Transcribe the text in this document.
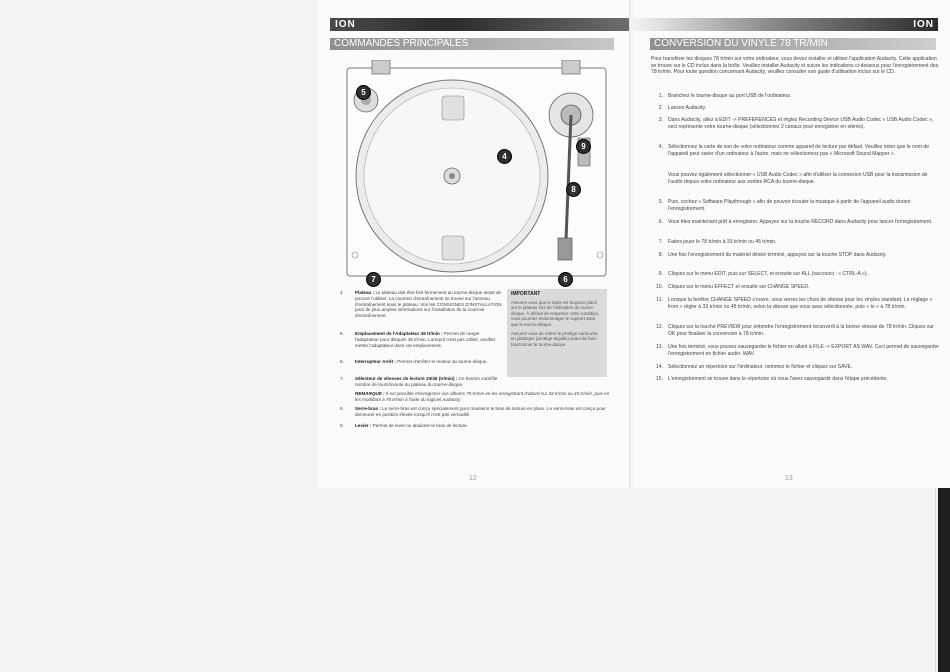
ION
COMMANDES PRINCIPALES
5
4
9
8
7	6
4. Plateau : Le plateau doit être fixé fermement au tourne-disque avant de pouvoir l'utiliser. La courroie d'entraînement se trouve sur l'anneau d'entraînement sous le plateau. Voir les CONSIGNES D'INSTALLATION pour de plus amples informations sur l'installation de la courroie d'entraînement.
5. Emplacement de l'Adaptateur 45 tr/min : Permet de ranger l'adaptateur pour disques 45 tr/min. Lorsqu'il n'est pas utilisé, veuillez mettre l'adaptateur dans cet emplacement.
6. Interrupteur Arrêt : Permet d'arrêter le moteur du tourne-disque.
7. Sélecteur de vitesses de lecture 33/45 (tr/min) : Ce bouton contrôle nombre de tours/minute du plateau du tourne-disque.
REMARQUE : Il est possible d'enregistrer vos albums 78 tr/min en les enregistrant d'abord sur 33 tr/min ou 45 tr/min, puis en les modifiant à 78 tr/min à l'aide du logiciel Audacity.
8. Serre-bras : Le serre-bras est conçu spécialement pour maintenir le bras de lecture en place. Le serre-bras est conçu pour demeurer en position élevée lorsqu'il n'est pas verrouillé.
9. Levier : Permet de lever ou abaisser le bras de lecture.
IMPORTANT
Assurez-vous que le tapis est toujours placé sur le plateau lors de l'utilisation du tourne-disque. À défaut de respecter cette condition, vous pourriez endommager le support ainsi que le tourne-disque.
Assurez-vous de retirer le protège-cartouche en plastique (protège-aiguille) avant de faire fonctionner le tourne-disque.
12
ION
CONVERSION DU VINYLE 78 TR/MIN
Pour transférer les disques 78 tr/min sur votre ordinateur, vous devez installer et utiliser l'application Audacity. Cette application se trouve sur le CD inclus dans la boîte. Veuillez installer Audacity et suivre les indications ci-dessous pour l'enregistrement des 78 tr/min. Pour toute question concernant Audacity, veuillez consulter son guide d'utilisation inclus sur le CD.
1. Branchez le tourne-disque au port USB de l'ordinateur.
2. Lancez Audacity.
3. Dans Audacity, allez à EDIT -> PREFERENCES et réglez Recording Device USB Audio Codec « USB Audio Codec », ceci représente votre tourne-disque (sélectionnez 2 canaux pour enregistrer en stéréo).
4. Sélectionnez la carte de son de votre ordinateur comme appareil de lecture par défaut. Veuillez noter que le nom de l'appareil peut varier d'un ordinateur à l'autre, mais ne sélectionnez pas « Microsoft Sound Mapper ».
Vous pouvez également sélectionner « USB Audio Codec » afin d'utiliser la connexion USB pour la transmission de l'audio depuis votre ordinateur aux sorties RCA du tourne-disque.
5. Puis, cochez « Software Playthrough » afin de pouvoir écouter la musique à partir de l'appareil audio durant l'enregistrement.
6. Vous êtes maintenant prêt à enregistrer. Appuyez sur la touche RECORD dans Audacity pour lancer l'enregistrement.
7. Faites jouer le 78 tr/min à 33 tr/min ou 45 tr/min.
8. Une fois l'enregistrement du matériel désiré terminé, appuyez sur la touche STOP dans Audacity.
9. Cliquez sur le menu EDIT, puis sur SELECT, et ensuite sur ALL (raccourci : « CTRL-A »).
10. Cliquez sur le menu EFFECT et ensuite sur CHANGE SPEED.
11. Lorsque la fenêtre CHANGE SPEED s'ouvre, vous verrez les choix de vitesse pour les vinyles standard. Le réglage « from » régler à 33 tr/min ou 45 tr/min, selon la vitesse que vous avez sélectionnée, puis « to » à 78 tr/min.
12. Cliquez sur la touche PREVIEW pour entendre l'enregistrement reconverti à la bonne vitesse de 78 tr/min. Cliquez sur OK pour finaliser la conversion à 78 tr/min.
13. Une fois terminé, vous pouvez sauvegarder le fichier en allant à FILE -> EXPORT AS WAV. Ceci permet de sauvegarder l'enregistrement en fichier audio .WAV.
14. Sélectionnez un répertoire sur l'ordinateur, nommez le fichier et cliquez sur SAVE.
15. L'enregistrement se trouve dans le répertoire où vous l'avez sauvegardé dans l'étape précédente.
13
